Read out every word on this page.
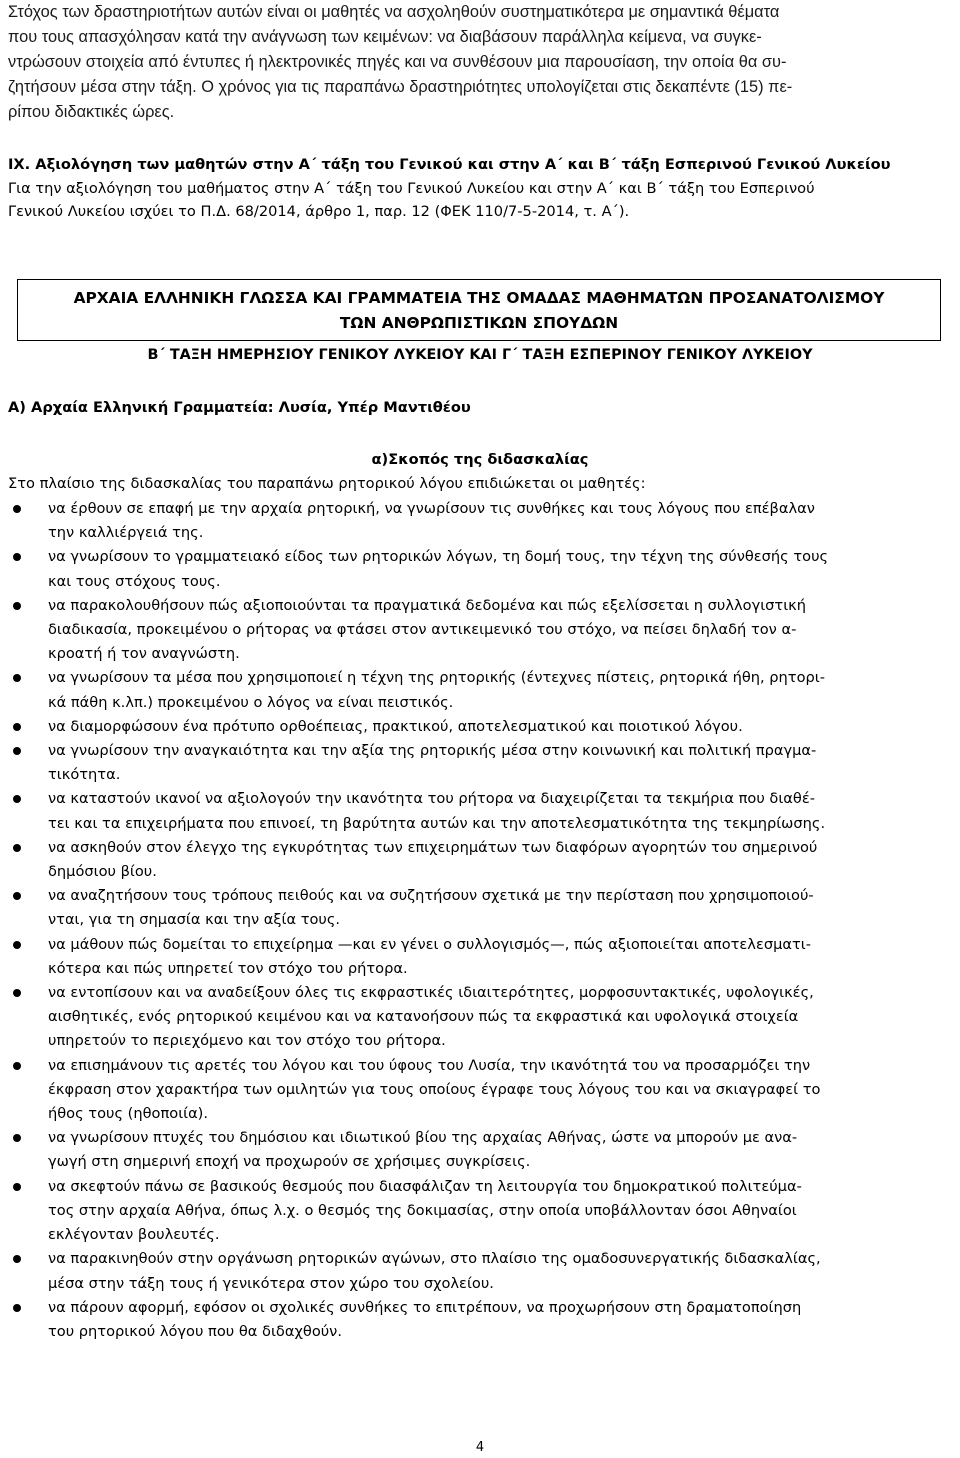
Στόχος των δραστηριοτήτων αυτών είναι οι μαθητές να ασχοληθούν συστηματικότερα με σημαντικά θέματα
που τους απασχόλησαν κατά την ανάγνωση των κειμένων: να διαβάσουν παράλληλα κείμενα, να συγκε-
ντρώσουν στοιχεία από έντυπες ή ηλεκτρονικές πηγές και να συνθέσουν μια παρουσίαση, την οποία θα συ-
ζητήσουν μέσα στην τάξη. Ο χρόνος για τις παραπάνω δραστηριότητες υπολογίζεται στις δεκαπέντε (15) πε-
ρίπου διδακτικές ώρες.
IX. Αξιολόγηση των μαθητών στην Α΄ τάξη του Γενικού και στην Α΄ και Β΄ τάξη Εσπερινού Γενικού Λυκείου
Για την αξιολόγηση του μαθήματος στην Α΄ τάξη του Γενικού Λυκείου και στην Α΄ και Β΄ τάξη του Εσπερινού
Γενικού Λυκείου ισχύει το Π.Δ. 68/2014, άρθρο 1, παρ. 12 (ΦΕΚ 110/7-5-2014, τ. Α΄).
ΑΡΧΑΙΑ ΕΛΛΗΝΙΚΗ ΓΛΩΣΣΑ ΚΑΙ ΓΡΑΜΜΑΤΕΙΑ ΤΗΣ ΟΜΑΔΑΣ ΜΑΘΗΜΑΤΩΝ ΠΡΟΣΑΝΑΤΟΛΙΣΜΟΥ
ΤΩΝ ΑΝΘΡΩΠΙΣΤΙΚΩΝ ΣΠΟΥΔΩΝ
Β΄ ΤΑΞΗ ΗΜΕΡΗΣΙΟΥ ΓΕΝΙΚΟΥ ΛΥΚΕΙΟΥ ΚΑΙ Γ΄ ΤΑΞΗ ΕΣΠΕΡΙΝΟΥ ΓΕΝΙΚΟΥ ΛΥΚΕΙΟΥ
Α) Αρχαία Ελληνική Γραμματεία: Λυσία, Υπέρ Μαντιθέου
α)Σκοπός της διδασκαλίας
Στο πλαίσιο της διδασκαλίας του παραπάνω ρητορικού λόγου επιδιώκεται οι μαθητές:
να έρθουν σε επαφή με την αρχαία ρητορική, να γνωρίσουν τις συνθήκες και τους λόγους που επέβαλαν
την καλλιέργειά της.
να γνωρίσουν το γραμματειακό είδος των ρητορικών λόγων, τη δομή τους, την τέχνη της σύνθεσής τους
και τους στόχους τους.
να παρακολουθήσουν πώς αξιοποιούνται τα πραγματικά δεδομένα και πώς εξελίσσεται η συλλογιστική
διαδικασία, προκειμένου ο ρήτορας να φτάσει στον αντικειμενικό του στόχο, να πείσει δηλαδή τον α-
κροατή ή τον αναγνώστη.
να γνωρίσουν τα μέσα που χρησιμοποιεί η τέχνη της ρητορικής (έντεχνες πίστεις, ρητορικά ήθη, ρητορι-
κά πάθη κ.λπ.) προκειμένου ο λόγος να είναι πειστικός.
να διαμορφώσουν ένα πρότυπο ορθοέπειας, πρακτικού, αποτελεσματικού και ποιοτικού λόγου.
να γνωρίσουν την αναγκαιότητα και την αξία της ρητορικής μέσα στην κοινωνική και πολιτική πραγμα-
τικότητα.
να καταστούν ικανοί να αξιολογούν την ικανότητα του ρήτορα να διαχειρίζεται τα τεκμήρια που διαθέ-
τει και τα επιχειρήματα που επινοεί, τη βαρύτητα αυτών και την αποτελεσματικότητα της τεκμηρίωσης.
να ασκηθούν στον έλεγχο της εγκυρότητας των επιχειρημάτων των διαφόρων αγορητών του σημερινού
δημόσιου βίου.
να αναζητήσουν τους τρόπους πειθούς και να συζητήσουν σχετικά με την περίσταση που χρησιμοποιού-
νται, για τη σημασία και την αξία τους.
να μάθουν πώς δομείται το επιχείρημα —και εν γένει ο συλλογισμός—, πώς αξιοποιείται αποτελεσματι-
κότερα και πώς υπηρετεί τον στόχο του ρήτορα.
να εντοπίσουν και να αναδείξουν όλες τις εκφραστικές ιδιαιτερότητες, μορφοσυντακτικές, υφολογικές,
αισθητικές, ενός ρητορικού κειμένου και να κατανοήσουν πώς τα εκφραστικά και υφολογικά στοιχεία
υπηρετούν το περιεχόμενο και τον στόχο του ρήτορα.
να επισημάνουν τις αρετές του λόγου και του ύφους του Λυσία, την ικανότητά του να προσαρμόζει την
έκφραση στον χαρακτήρα των ομιλητών για τους οποίους έγραφε τους λόγους του και να σκιαγραφεί το
ήθος τους (ηθοποιία).
να γνωρίσουν πτυχές του δημόσιου και ιδιωτικού βίου της αρχαίας Αθήνας, ώστε να μπορούν με ανα-
γωγή στη σημερινή εποχή να προχωρούν σε χρήσιμες συγκρίσεις.
να σκεφτούν πάνω σε βασικούς θεσμούς που διασφάλιζαν τη λειτουργία του δημοκρατικού πολιτεύμα-
τος στην αρχαία Αθήνα, όπως λ.χ. ο θεσμός της δοκιμασίας, στην οποία υποβάλλονταν όσοι Αθηναίοι
εκλέγονταν βουλευτές.
να παρακινηθούν στην οργάνωση ρητορικών αγώνων, στο πλαίσιο της ομαδοσυνεργατικής διδασκαλίας,
μέσα στην τάξη τους ή γενικότερα στον χώρο του σχολείου.
να πάρουν αφορμή, εφόσον οι σχολικές συνθήκες το επιτρέπουν, να προχωρήσουν στη δραματοποίηση
του ρητορικού λόγου που θα διδαχθούν.
4
